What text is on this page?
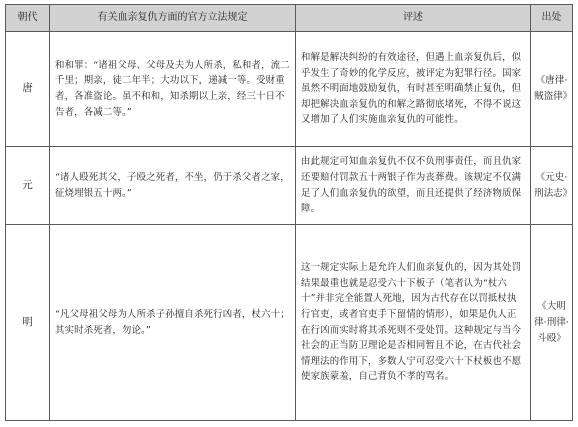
朝代	有关血亲复仇方面的官方立法规定	评述	出处
唐	和和罪：“诸祖父母、父母及夫为人所杀，私和者，流二千里；期亲，徒二年半；大功以下，递减一等。受财重者，各准盗论。虽不和和，知杀期以上亲，经三十日不告者，各减二等。”	和解是解决纠纷的有效途径，但遇上血亲复仇后，似乎发生了奇妙的化学反应，被评定为犯罪行径。国家虽然不明面地鼓励复仇，有时甚至明确禁止复仇，但却把解决血亲复仇的和解之路彻底堵死，不得不说这又增加了人们实施血亲复仇的可能性。	《唐律·贼盗律》
元	“诸人殴死其父，子殴之死者，不坐，仍于杀父者之家，征烧埋银五十两。”	由此规定可知血亲复仇不仅不负刑事责任，而且仇家还要赔付罚款五十两银子作为丧葬费。该规定不仅满足了人们血亲复仇的欲望，而且还提供了经济物质保障。	《元史·刑法志》
明	“凡父母祖父母为人所杀子孙擅自杀死行凶者，杖六十；其实时杀死者，勿论。”	这一规定实际上是允许人们血亲复仇的，因为其处罚结果最重也就是忍受六十下板子（笔者认为“杖六十”并非完全能置人死地，因为古代存在以罚抵杖执行官吏，或者官吏手下留情的情形），如果是仇人正在行凶而实时将其杀死则不受处罚。这种规定与当今社会的正当防卫理论是否相同暂且不论，在古代社会情理法的作用下，多数人宁可忍受六十下杖板也不愿使家族蒙羞，自己背负不孝的骂名。	《大明律·刑律·斗殴》
